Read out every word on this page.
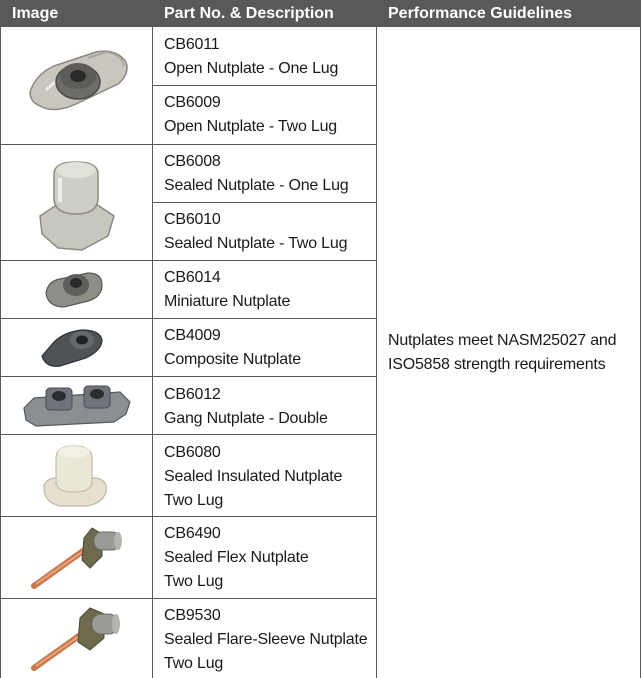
Image	Part No. & Description	Performance Guidelines
CB6011
Open Nutplate - One Lug
CB6009
Open Nutplate - Two Lug
CB6008
Sealed Nutplate - One Lug
CB6010
Sealed Nutplate - Two Lug
CB6014
Miniature Nutplate
CB4009
Composite Nutplate
CB6012
Gang Nutplate - Double
CB6080
Sealed Insulated Nutplate
Two Lug
CB6490
Sealed Flex Nutplate
Two Lug
CB9530
Sealed Flare-Sleeve Nutplate
Two Lug
Nutplates meet NASM25027 and
ISO5858 strength requirements
